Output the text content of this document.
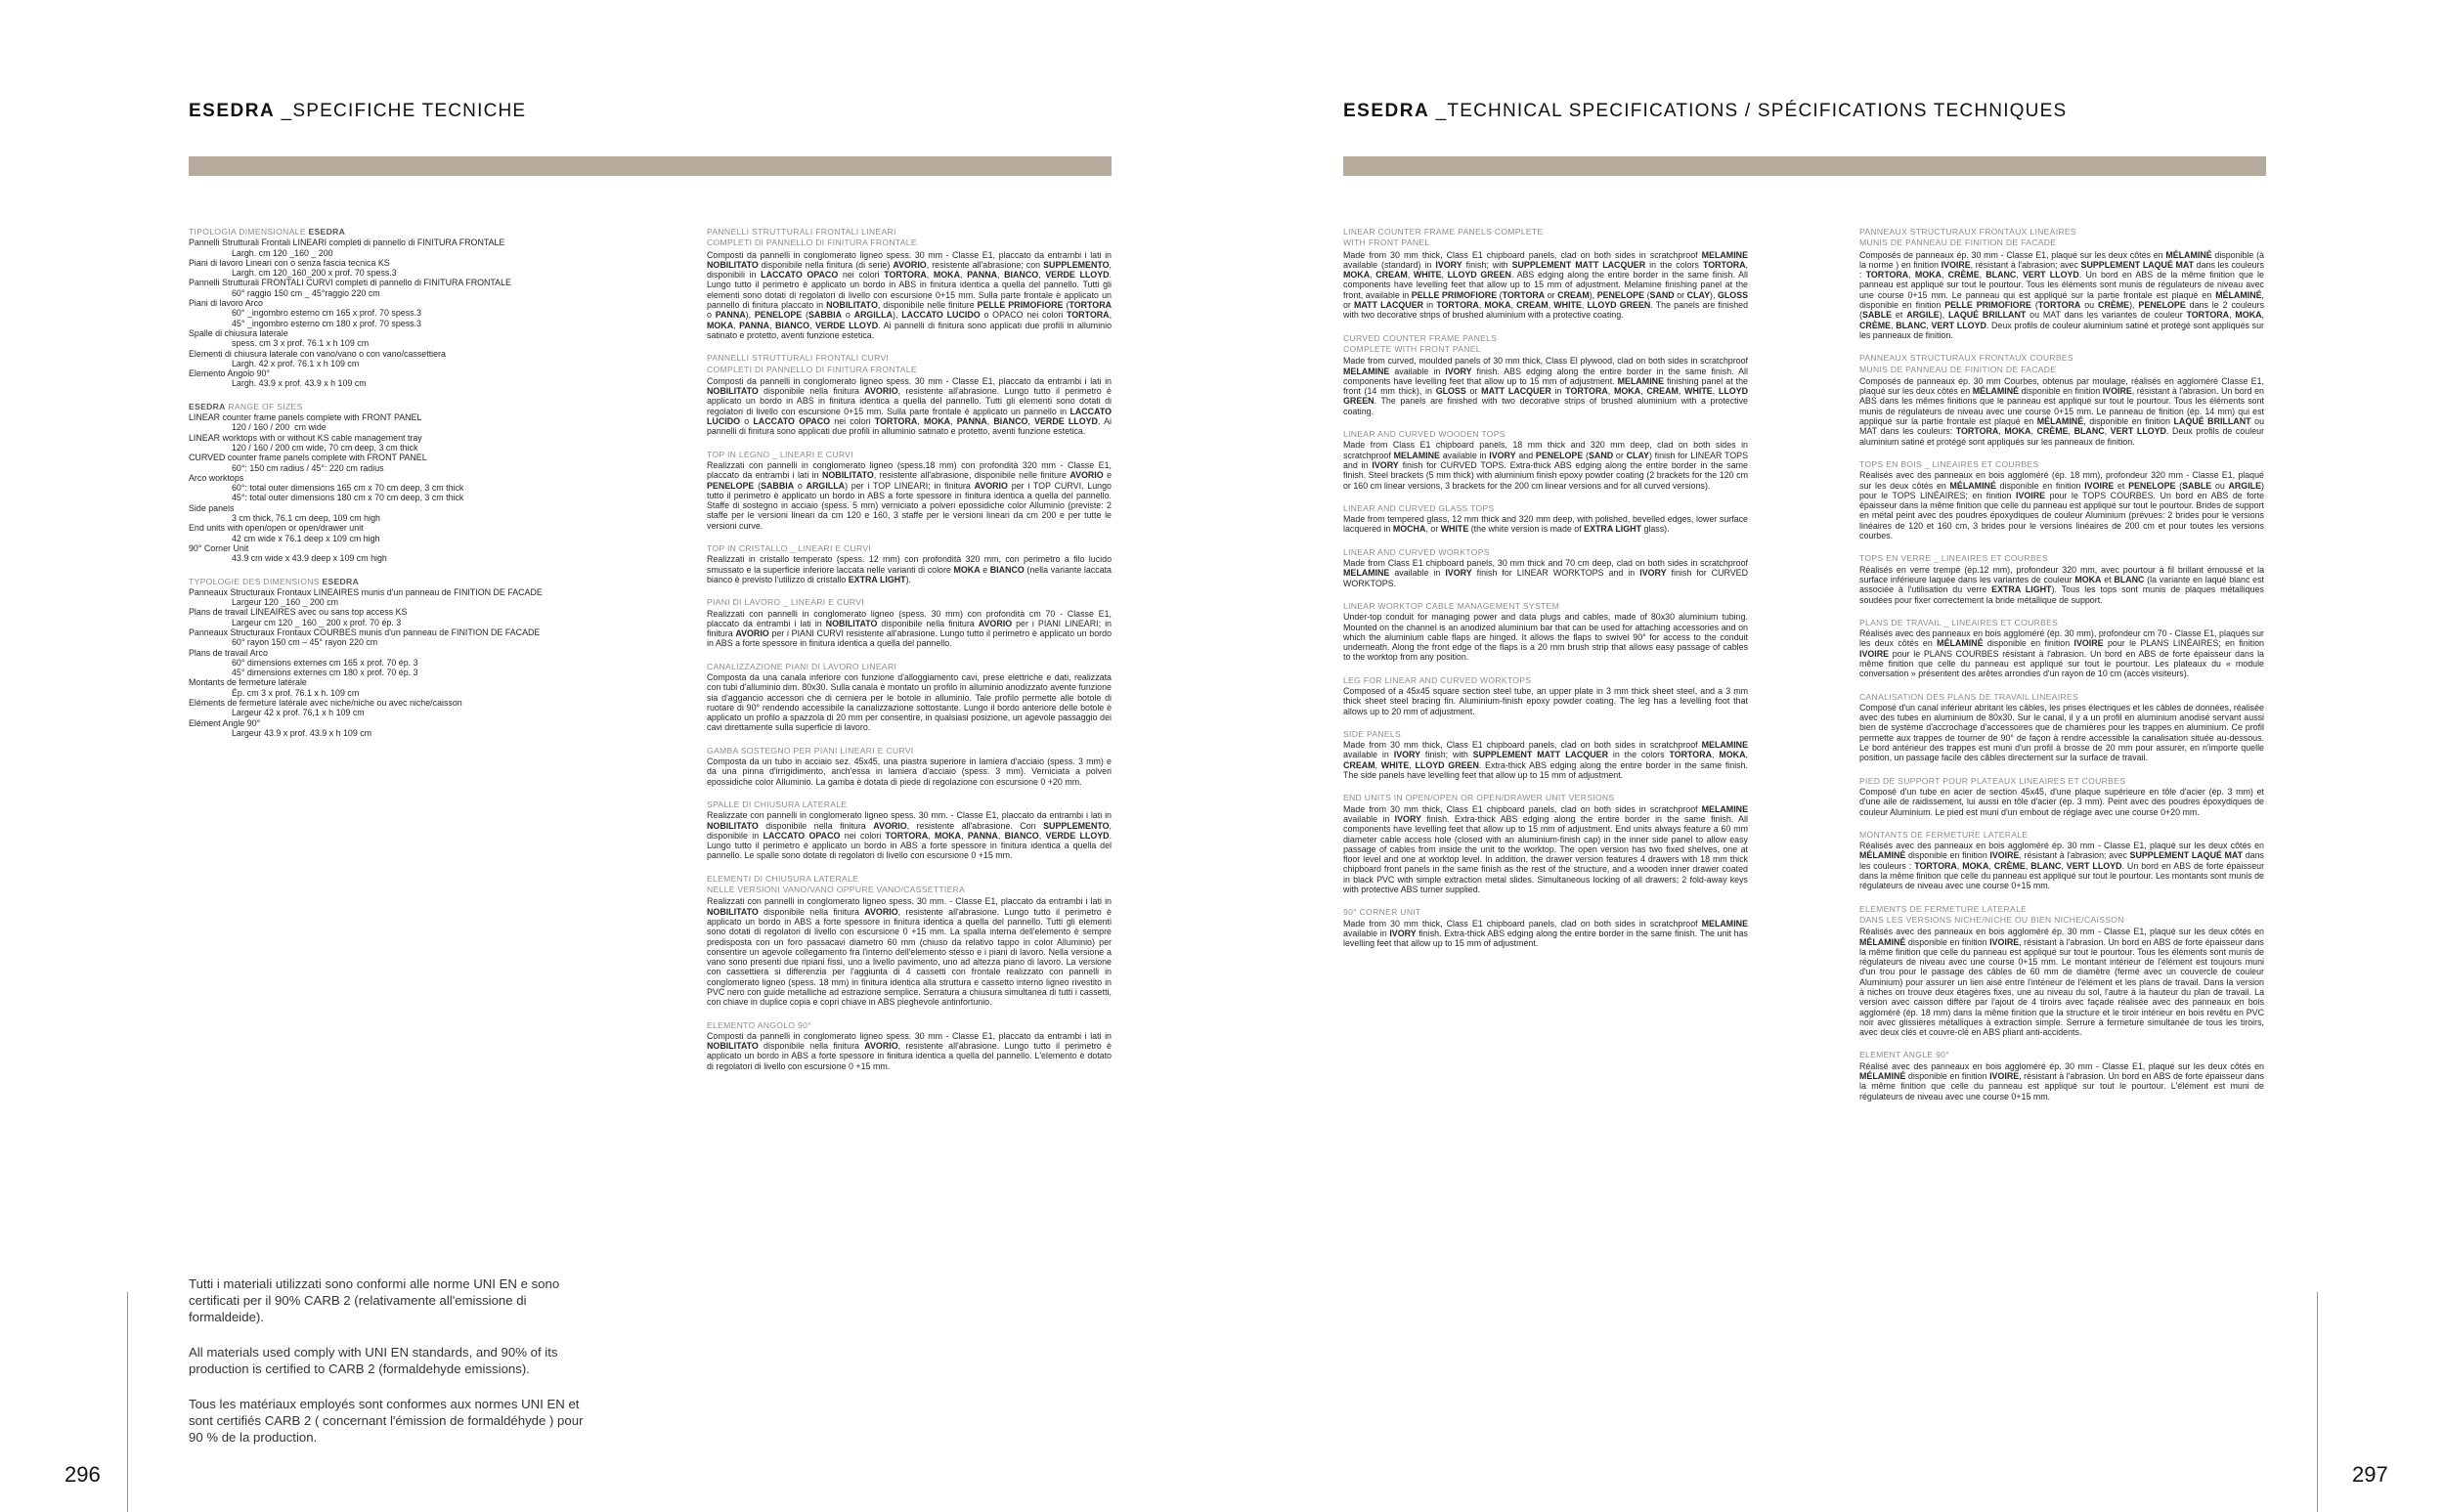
ESEDRA _SPECIFICHE TECNICHE
TIPOLOGIA DIMENSIONALE ESEDRA
Pannelli Strutturali Frontali LINEARI completi di pannello di FINITURA FRONTALE
Largh. cm 120 _160 _ 200
Piani di lavoro Lineari con o senza fascia tecnica KS
Largh. cm 120_160_200 x prof. 70 spess.3
Pannelli Strutturali FRONTALI CURVI completi di pannello di FINITURA FRONTALE
60° raggio 150 cm _ 45°raggio 220 cm
Piani di lavoro Arco
60° _ingombro esterno cm 165 x prof. 70 spess.3
45° _ingombro esterno cm 180 x prof. 70 spess.3
Spalle di chiusura laterale
spess. cm 3 x prof. 76.1 x h 109 cm
Elementi di chiusura laterale con vano/vano o con vano/cassettiera
Largh. 42 x prof. 76.1 x h 109 cm
Elemento Angolo 90°
Largh. 43.9 x prof. 43.9 x h 109 cm
ESEDRA RANGE OF SIZES
LINEAR counter frame panels complete with FRONT PANEL
120 / 160 / 200  cm wide
LINEAR worktops with or without KS cable management tray
120 / 160 / 200 cm wide, 70 cm deep, 3 cm thick
CURVED counter frame panels complete with FRONT PANEL
60°: 150 cm radius / 45°: 220 cm radius
Arco worktops
60°: total outer dimensions 165 cm x 70 cm deep, 3 cm thick
45°: total outer dimensions 180 cm x 70 cm deep, 3 cm thick
Side panels
3 cm thick, 76.1 cm deep, 109 cm high
End units with open/open or open/drawer unit
42 cm wide x 76.1 deep x 109 cm high
90° Corner Unit
43.9 cm wide x 43.9 deep x 109 cm high
TYPOLOGIE DES DIMENSIONS ESEDRA
Panneaux Structuraux Frontaux LINEAIRES munis d'un panneau de FINITION DE FACADE
Largeur 120 _160 _ 200 cm
Plans de travail LINEAIRES avec ou sans top access KS
Largeur cm 120 _ 160 _ 200 x prof. 70 ép. 3
Panneaux Structuraux Frontaux COURBES munis d'un panneau de FINITION DE FACADE
60° rayon 150 cm – 45° rayon 220 cm
Plans de travail Arco
60° dimensions externes cm 165 x prof. 70 ép. 3
45° dimensions externes cm 180 x prof. 70 ép. 3
Montants de fermeture latérale
Ép. cm 3 x prof. 76.1 x h. 109 cm
Eléments de fermeture latérale avec niche/niche ou avec niche/caisson
Largeur 42 x prof. 76,1 x h 109 cm
Elément Angle 90°
Largeur 43.9 x prof. 43.9 x h 109 cm

Tutti i materiali utilizzati sono conformi alle norme UNI EN e sono certificati per il 90% CARB 2 (relativamente all'emissione di formaldeide).

All materials used comply with UNI EN standards, and 90% of its production is certified to CARB 2 (formaldehyde emissions).

Tous les matériaux employés sont conformes aux normes UNI EN et sont certifiés CARB 2 ( concernant l'émission de formaldéhyde ) pour 90 % de la production.

PANNELLI STRUTTURALI FRONTALI LINEARI
COMPLETI DI PANNELLO DI FINITURA FRONTALE

Composti da pannelli in conglomerato ligneo spess. 30 mm - Classe E1, placcato da entrambi i lati in NOBILITATO disponibile nella finitura (di serie) AVORIO, resistente all'abrasione; con SUPPLEMENTO, disponibili in LACCATO OPACO nei colori TORTORA, MOKA, PANNA, BIANCO, VERDE LLOYD. Lungo tutto il perimetro è applicato un bordo in ABS in finitura identica a quella del pannello. Tutti gli elementi sono dotati di regolatori di livello con escursione 0+15 mm. Sulla parte frontale è applicato un pannello di finitura placcato in NOBILITATO, disponibile nelle finiture PELLE PRIMOFIORE (TORTORA o PANNA), PENELOPE (SABBIA o ARGILLA), LACCATO LUCIDO o OPACO nei colori TORTORA, MOKA, PANNA, BIANCO, VERDE LLOYD. Ai pannelli di finitura sono applicati due profili in alluminio satinato e protetto, aventi funzione estetica.

PANNELLI STRUTTURALI FRONTALI CURVI
COMPLETI DI PANNELLO DI FINITURA FRONTALE

Composti da pannelli in conglomerato ligneo spess. 30 mm - Classe E1, placcato da entrambi i lati in NOBILITATO disponibile nella finitura AVORIO, resistente all'abrasione. Lungo tutto il perimetro è applicato un bordo in ABS in finitura identica a quella del pannello. Tutti gli elementi sono dotati di regolatori di livello con escursione 0+15 mm. Sulla parte frontale è applicato un pannello in LACCATO LUCIDO o LACCATO OPACO nei colori TORTORA, MOKA, PANNA, BIANCO, VERDE LLOYD. Ai pannelli di finitura sono applicati due profili in alluminio satinato e protetto, aventi funzione estetica.

TOP IN LEGNO _ LINEARI E CURVI

Realizzati con pannelli in conglomerato ligneo (spess.18 mm) con profondità 320 mm - Classe E1, placcato da entrambi i lati in NOBILITATO, resistente all'abrasione, disponibile nelle finiture AVORIO e PENELOPE (SABBIA o ARGILLA) per i TOP LINEARI; in finitura AVORIO per i TOP CURVI. Lungo tutto il perimetro è applicato un bordo in ABS a forte spessore in finitura identica a quella del pannello. Staffe di sostegno in acciaio (spess. 5 mm) verniciato a polveri epossidiche color Alluminio (previste: 2 staffe per le versioni lineari da cm 120 e 160, 3 staffe per le versioni lineari da cm 200 e per tutte le versioni curve.

TOP IN CRISTALLO _ LINEARI E CURVI

Realizzati in cristallo temperato (spess. 12 mm) con profondità 320 mm, con perimetro a filo lucido smussato e la superficie inferiore laccata nelle varianti di colore MOKA e BIANCO (nella variante laccata bianco è previsto l'utilizzo di cristallo EXTRA LIGHT).

PIANI DI LAVORO _ LINEARI E CURVI

Realizzati con pannelli in conglomerato ligneo (spess. 30 mm) con profondità cm 70 - Classe E1, placcato da entrambi i lati in NOBILITATO disponibile nella finitura AVORIO per i PIANI LINEARI; in finitura AVORIO per i PIANI CURVI resistente all'abrasione. Lungo tutto il perimetro è applicato un bordo in ABS a forte spessore in finitura identica a quella del pannello.

CANALIZZAZIONE PIANI DI LAVORO LINEARI

Composta da una canala inferiore con funzione d'alloggiamento cavi, prese elettriche e dati, realizzata con tubi d'alluminio dim. 80x30. Sulla canala è montato un profilo in alluminio anodizzato avente funzione sia d'aggancio accessori che di cerniera per le botole in alluminio. Tale profilo permette alle botole di ruotare di 90° rendendo accessibile la canalizzazione sottostante. Lungo il bordo anteriore delle botole è applicato un profilo a spazzola di 20 mm per consentire, in qualsiasi posizione, un agevole passaggio dei cavi direttamente sulla superficie di lavoro.

GAMBA SOSTEGNO PER PIANI LINEARI E CURVI

Composta da un tubo in acciaio sez. 45x45, una piastra superiore in lamiera d'acciaio (spess. 3 mm) e da una pinna d'irrigidimento, anch'essa in lamiera d'acciaio (spess. 3 mm). Verniciata a polveri epossidiche color Alluminio. La gamba è dotata di piede di regolazione con escursione 0 +20 mm.

SPALLE DI CHIUSURA LATERALE

Realizzate con pannelli in conglomerato ligneo spess. 30 mm. - Classe E1, placcato da entrambi i lati in NOBILITATO disponibile nella finitura AVORIO, resistente all'abrasione. Con SUPPLEMENTO, disponibile in LACCATO OPACO nei colori TORTORA, MOKA, PANNA, BIANCO, VERDE LLOYD. Lungo tutto il perimetro è applicato un bordo in ABS a forte spessore in finitura identica a quella del pannello. Le spalle sono dotate di regolatori di livello con escursione 0 +15 mm.

ELEMENTI DI CHIUSURA LATERALE
NELLE VERSIONI VANO/VANO OPPURE VANO/CASSETTIERA

Realizzati con pannelli in conglomerato ligneo spess. 30 mm. - Classe E1, placcato da entrambi i lati in NOBILITATO disponibile nella finitura AVORIO, resistente all'abrasione. Lungo tutto il perimetro è applicato un bordo in ABS a forte spessore in finitura identica a quella del pannello. Tutti gli elementi sono dotati di regolatori di livello con escursione 0 +15 mm. La spalla interna dell'elemento è sempre predisposta con un foro passacavi diametro 60 mm (chiuso da relativo tappo in color Alluminio) per consentire un agevole collegamento fra l'interno dell'elemento stesso e i piani di lavoro. Nella versione a vano sono presenti due ripiani fissi, uno a livello pavimento, uno ad altezza piano di lavoro. La versione con cassettiera si differenzia per l'aggiunta di 4 cassetti con frontale realizzato con pannelli in conglomerato ligneo (spess. 18 mm) in finitura identica alla struttura e cassetto interno ligneo rivestito in PVC nero con guide metalliche ad estrazione semplice. Serratura a chiusura simultanea di tutti i cassetti, con chiave in duplice copia e copri chiave in ABS pieghevole antinfortunio.

ELEMENTO ANGOLO 90°

Composti da pannelli in conglomerato ligneo spess. 30 mm - Classe E1, placcato da entrambi i lati in NOBILITATO disponibile nella finitura AVORIO, resistente all'abrasione. Lungo tutto il perimetro è applicato un bordo in ABS a forte spessore in finitura identica a quella del pannello. L'elemento è dotato di regolatori di livello con escursione 0 +15 mm.

296
ESEDRA _TECHNICAL SPECIFICATIONS / SPÉCIFICATIONS TECHNIQUES
LINEAR COUNTER FRAME PANELS COMPLETE
WITH FRONT PANEL

Made from 30 mm thick, Class E1 chipboard panels, clad on both sides in scratchproof MELAMINE available (standard) in IVORY finish; with SUPPLEMENT MATT LACQUER in the colors TORTORA, MOKA, CREAM, WHITE, LLOYD GREEN. ABS edging along the entire border in the same finish. All components have levelling feet that allow up to 15 mm of adjustment. Melamine finishing panel at the front, available in PELLE PRIMOFIORE (TORTORA or CREAM), PENELOPE (SAND or CLAY), GLOSS or MATT LACQUER in TORTORA, MOKA, CREAM, WHITE, LLOYD GREEN. The panels are finished with two decorative strips of brushed aluminium with a protective coating.

CURVED COUNTER FRAME PANELS
COMPLETE WITH FRONT PANEL

Made from curved, moulded panels of 30 mm thick, Class El plywood, clad on both sides in scratchproof MELAMINE available in IVORY finish. ABS edging along the entire border in the same finish. All components have levelling feet that allow up to 15 mm of adjustment. MELAMINE finishing panel at the front (14 mm thick), in GLOSS or MATT LACQUER in TORTORA, MOKA, CREAM, WHITE, LLOYD GREEN. The panels are finished with two decorative strips of brushed aluminium with a protective coating.

LINEAR AND CURVED WOODEN TOPS

Made from Class E1 chipboard panels, 18 mm thick and 320 mm deep, clad on both sides in scratchproof MELAMINE available in IVORY and PENELOPE (SAND or CLAY) finish for LINEAR TOPS and in IVORY finish for CURVED TOPS. Extra-thick ABS edging along the entire border in the same finish. Steel brackets (5 mm thick) with aluminium finish epoxy powder coating (2 brackets for the 120 cm or 160 cm linear versions, 3 brackets for the 200 cm linear versions and for all curved versions).

LINEAR AND CURVED GLASS TOPS

Made from tempered glass, 12 mm thick and 320 mm deep, with polished, bevelled edges, lower surface lacquered in MOCHA, or WHITE (the white version is made of EXTRA LIGHT glass).

LINEAR AND CURVED WORKTOPS

Made from Class E1 chipboard panels, 30 mm thick and 70 cm deep, clad on both sides in scratchproof MELAMINE available in IVORY finish for LINEAR WORKTOPS and in IVORY finish for CURVED WORKTOPS.

LINEAR WORKTOP CABLE MANAGEMENT SYSTEM

Under-top conduit for managing power and data plugs and cables, made of 80x30 aluminium tubing. Mounted on the channel is an anodized aluminium bar that can be used for attaching accessories and on which the aluminium cable flaps are hinged. It allows the flaps to swivel 90° for access to the conduit underneath. Along the front edge of the flaps is a 20 mm brush strip that allows easy passage of cables to the worktop from any position.

LEG FOR LINEAR AND CURVED WORKTOPS

Composed of a 45x45 square section steel tube, an upper plate in 3 mm thick sheet steel, and a 3 mm thick sheet steel bracing fin. Aluminium-finish epoxy powder coating. The leg has a levelling foot that allows up to 20 mm of adjustment.

SIDE PANELS

Made from 30 mm thick, Class E1 chipboard panels, clad on both sides in scratchproof MELAMINE available in IVORY finish; with SUPPLEMENT MATT LACQUER in the colors TORTORA, MOKA, CREAM, WHITE, LLOYD GREEN. Extra-thick ABS edging along the entire border in the same finish. The side panels have levelling feet that allow up to 15 mm of adjustment.

END UNITS IN OPEN/OPEN OR OPEN/DRAWER UNIT VERSIONS

Made from 30 mm thick, Class E1 chipboard panels, clad on both sides in scratchproof MELAMINE available in IVORY finish. Extra-thick ABS edging along the entire border in the same finish. All components have levelling feet that allow up to 15 mm of adjustment. End units always feature a 60 mm diameter cable access hole (closed with an aluminium-finish cap) in the inner side panel to allow easy passage of cables from inside the unit to the worktop. The open version has two fixed shelves, one at floor level and one at worktop level. In addition, the drawer version features 4 drawers with 18 mm thick chipboard front panels in the same finish as the rest of the structure, and a wooden inner drawer coated in black PVC with simple extraction metal slides. Simultaneous locking of all drawers; 2 fold-away keys with protective ABS turner supplied.

90° CORNER UNIT

Made from 30 mm thick, Class E1 chipboard panels, clad on both sides in scratchproof MELAMINE available in IVORY finish. Extra-thick ABS edging along the entire border in the same finish. The unit has levelling feet that allow up to 15 mm of adjustment.

PANNEAUX STRUCTURAUX FRONTAUX LINEAIRES
MUNIS DE PANNEAU DE FINITION DE FACADE

Composés de panneaux ép. 30 mm - Classe E1, plaqué sur les deux côtés en MÉLAMINÉ disponible (à la norme ) en finition IVOIRE, résistant à l'abrasion; avec SUPPLEMENT LAQUÉ MAT dans les couleurs : TORTORA, MOKA, CRÈME, BLANC, VERT LLOYD. Un bord en ABS de la même finition que le panneau est appliqué sur tout le pourtour. Tous les éléments sont munis de régulateurs de niveau avec une course 0+15 mm. Le panneau qui est appliqué sur la partie frontale est plaqué en MÉLAMINÉ, disponible en finition PELLE PRIMOFIORE (TORTORA ou CRÈME), PENELOPE dans le 2 couleurs (SABLE et ARGILE), LAQUÉ BRILLANT ou MAT dans les variantes de couleur TORTORA, MOKA, CRÈME, BLANC, VERT LLOYD. Deux profils de couleur aluminium satiné et protégé sont appliqués sur les panneaux de finition.

PANNEAUX STRUCTURAUX FRONTAUX COURBES
MUNIS DE PANNEAU DE FINITION DE FACADE

Composés de panneaux ép. 30 mm Courbes, obtenus par moulage, réalisés en aggloméré Classe E1, plaqué sur les deux côtés en MÉLAMINÉ disponible en finition IVOIRE, résistant à l'abrasion. Un bord en ABS dans les mêmes finitions que le panneau est appliqué sur tout le pourtour. Tous les éléments sont munis de régulateurs de niveau avec une course 0+15 mm. Le panneau de finition (ép. 14 mm) qui est appliqué sur la partie frontale est plaqué en MÉLAMINÉ, disponible en finition LAQUÉ BRILLANT ou MAT dans les couleurs: TORTORA, MOKA, CRÈME, BLANC, VERT LLOYD. Deux profils de couleur aluminium satiné et protégé sont appliqués sur les panneaux de finition.

TOPS EN BOIS _ LINEAIRES ET COURBES

Réalisés avec des panneaux en bois aggloméré (ép. 18 mm), profondeur 320 mm - Classe E1, plaqué sur les deux côtés en MÉLAMINÉ disponible en finition IVOIRE et PENELOPE (SABLE ou ARGILE) pour le TOPS LINÉAIRES; en finition IVOIRE pour le TOPS COURBES. Un bord en ABS de forte épaisseur dans la même finition que celle du panneau est appliqué sur tout le pourtour. Brides de support en métal peint avec des poudres époxydiques de couleur Aluminium (prévues: 2 brides pour le versions linéaires de 120 et 160 cm, 3 brides pour le versions linéaires de 200 cm et pour toutes les versions courbes.

TOPS EN VERRE _ LINEAIRES ET COURBES

Réalisés en verre trempé (ép.12 mm), profondeur 320 mm, avec pourtour à fil brillant émoussé et la surface inférieure laquée dans les variantes de couleur MOKA et BLANC (la variante en laqué blanc est associée à l'utilisation du verre EXTRA LIGHT). Tous les tops sont munis de plaques métalliques soudées pour fixer correctement la bride métallique de support.

PLANS DE TRAVAIL _ LINEAIRES ET COURBES

Réalisés avec des panneaux en bois aggloméré (ép. 30 mm), profondeur cm 70 - Classe E1, plaqués sur les deux côtés en MÉLAMINÉ disponible en finition IVOIRE pour le PLANS LINÉAIRES; en finition IVOIRE pour le PLANS COURBES résistant à l'abrasion. Un bord en ABS de forte épaisseur dans la même finition que celle du panneau est appliqué sur tout le pourtour. Les plateaux du « module conversation » présentent des arêtes arrondies d'un rayon de 10 cm (accès visiteurs).

CANALISATION DES PLANS DE TRAVAIL LINEAIRES

Composé d'un canal inférieur abritant les câbles, les prises électriques et les câbles de données, réalisée avec des tubes en aluminium de 80x30. Sur le canal, il y a un profil en aluminium anodisé servant aussi bien de système d'accrochage d'accessoires que de charnières pour les trappes en aluminium. Ce profil permette aux trappes de tourner de 90° de façon à rendre accessible la canalisation située au-dessous. Le bord antérieur des trappes est muni d'un profil à brosse de 20 mm pour assurer, en n'importe quelle position, un passage facile des câbles directement sur la surface de travail.

PIED DE SUPPORT POUR PLATEAUX LINEAIRES ET COURBES

Composé d'un tube en acier de section 45x45, d'une plaque supérieure en tôle d'acier (ép. 3 mm) et d'une aile de raidissement, lui aussi en tôle d'acier (ép. 3 mm). Peint avec des poudres époxydiques de couleur Aluminium. Le pied est muni d'un embout de réglage avec une course 0+20 mm.

MONTANTS DE FERMETURE LATERALE

Réalisés avec des panneaux en bois aggloméré ép. 30 mm - Classe E1, plaqué sur les deux côtés en MÉLAMINÉ disponible en finition IVOIRE, résistant à l'abrasion; avec SUPPLEMENT LAQUÉ MAT dans les couleurs : TORTORA, MOKA, CRÈME, BLANC, VERT LLOYD. Un bord en ABS de forte épaisseur dans la même finition que celle du panneau est appliqué sur tout le pourtour. Les montants sont munis de régulateurs de niveau avec une course 0+15 mm.

ELEMENTS DE FERMETURE LATERALE
DANS LES VERSIONS NICHE/NICHE OU BIEN NICHE/CAISSON

Réalisés avec des panneaux en bois aggloméré ép. 30 mm - Classe E1, plaqué sur les deux côtés en MÉLAMINÉ disponible en finition IVOIRE, résistant à l'abrasion. Un bord en ABS de forte épaisseur dans la même finition que celle du panneau est appliqué sur tout le pourtour. Tous les éléments sont munis de régulateurs de niveau avec une course 0+15 mm. Le montant intérieur de l'élément est toujours muni d'un trou pour le passage des câbles de 60 mm de diamètre (fermé avec un couvercle de couleur Aluminium) pour assurer un lien aisé entre l'intérieur de l'élément et les plans de travail. Dans la version à niches on trouve deux étagères fixes, une au niveau du sol, l'autre à la hauteur du plan de travail. La version avec caisson diffère par l'ajout de 4 tiroirs avec façade réalisée avec des panneaux en bois aggloméré (ép. 18 mm) dans la même finition que la structure et le tiroir intérieur en bois revêtu en PVC noir avec glissières métalliques à extraction simple. Serrure à fermeture simultanée de tous les tiroirs, avec deux clés et couvre-clé en ABS pliant anti-accidents.

ELEMENT ANGLE 90°

Réalisé avec des panneaux en bois aggloméré ép. 30 mm - Classe E1, plaqué sur les deux côtés en MÉLAMINÉ disponible en finition IVOIRE, résistant à l'abrasion. Un bord en ABS de forte épaisseur dans la même finition que celle du panneau est appliqué sur tout le pourtour. L'élément est muni de régulateurs de niveau avec une course 0+15 mm.

297
